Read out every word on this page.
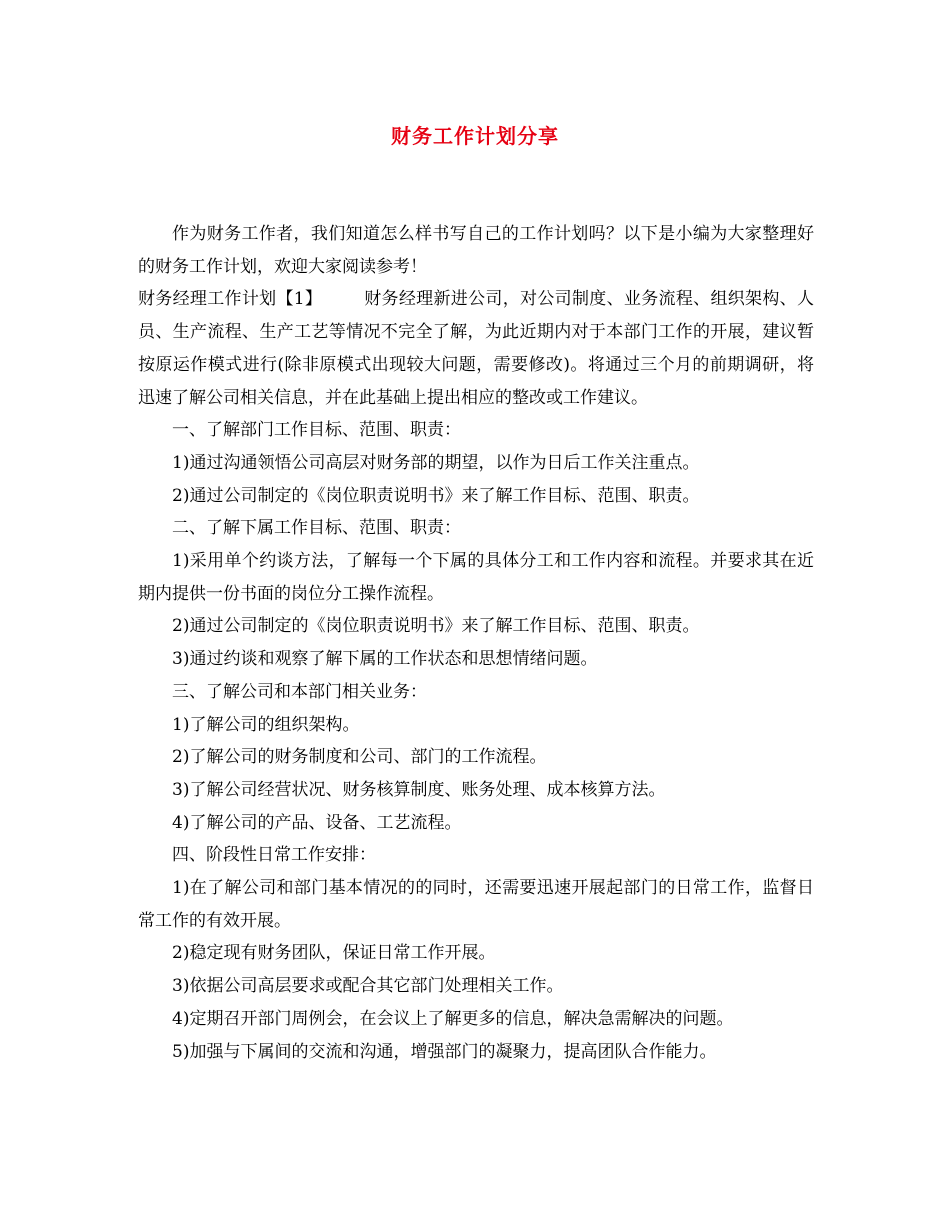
财务工作计划分享

作为财务工作者，我们知道怎么样书写自己的工作计划吗？以下是小编为大家整理好的财务工作计划，欢迎大家阅读参考！

财务经理工作计划【1】 财务经理新进公司，对公司制度、业务流程、组织架构、人员、生产流程、生产工艺等情况不完全了解，为此近期内对于本部门工作的开展，建议暂按原运作模式进行(除非原模式出现较大问题，需要修改)。将通过三个月的前期调研，将迅速了解公司相关信息，并在此基础上提出相应的整改或工作建议。

一、了解部门工作目标、范围、职责：

1)通过沟通领悟公司高层对财务部的期望，以作为日后工作关注重点。

2)通过公司制定的《岗位职责说明书》来了解工作目标、范围、职责。

二、了解下属工作目标、范围、职责：

1)采用单个约谈方法，了解每一个下属的具体分工和工作内容和流程。并要求其在近期内提供一份书面的岗位分工操作流程。

2)通过公司制定的《岗位职责说明书》来了解工作目标、范围、职责。

3)通过约谈和观察了解下属的工作状态和思想情绪问题。

三、了解公司和本部门相关业务：

1)了解公司的组织架构。

2)了解公司的财务制度和公司、部门的工作流程。

3)了解公司经营状况、财务核算制度、账务处理、成本核算方法。

4)了解公司的产品、设备、工艺流程。

四、阶段性日常工作安排：

1)在了解公司和部门基本情况的的同时，还需要迅速开展起部门的日常工作，监督日常工作的有效开展。

2)稳定现有财务团队，保证日常工作开展。

3)依据公司高层要求或配合其它部门处理相关工作。

4)定期召开部门周例会，在会议上了解更多的信息，解决急需解决的问题。

5)加强与下属间的交流和沟通，增强部门的凝聚力，提高团队合作能力。
